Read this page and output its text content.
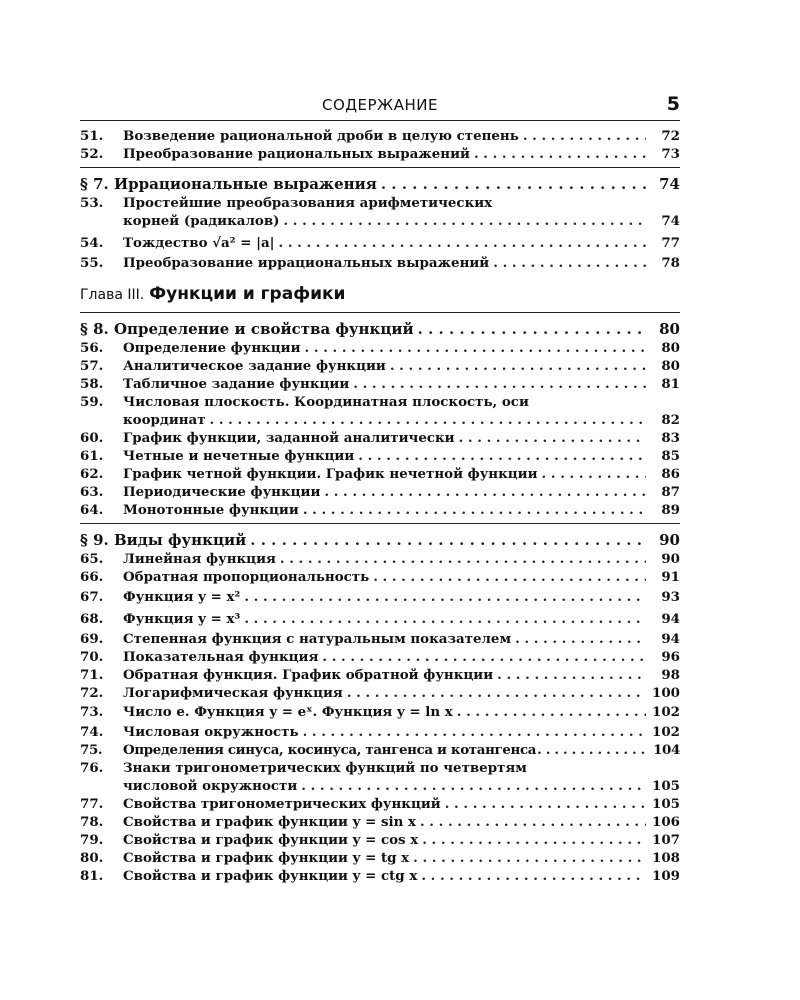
СОДЕРЖАНИЕ	5
51.	Возведение рациональной дроби в целую степень . . .	72
52.	Преобразование рациональных выражений . . .	73
§ 7. Иррациональные выражения . . .	74
53.	Простейшие преобразования арифметических
корней (радикалов) . . .	74
54.	Тождество √a² = |a| . . .	77
55.	Преобразование иррациональных выражений . . .	78
Глава III. Функции и графики
§ 8. Определение и свойства функций . . .	80
56.	Определение функции . . .	80
57.	Аналитическое задание функции . . .	80
58.	Табличное задание функции . . .	81
59.	Числовая плоскость. Координатная плоскость, оси
координат . . .	82
60.	График функции, заданной аналитически . . .	83
61.	Четные и нечетные функции . . .	85
62.	График четной функции. График нечетной функции . . .	86
63.	Периодические функции . . .	87
64.	Монотонные функции . . .	89
§ 9. Виды функций . . .	90
65.	Линейная функция . . .	90
66.	Обратная пропорциональность . . .	91
67.	Функция y = x² . . .	93
68.	Функция y = x³ . . .	94
69.	Степенная функция с натуральным показателем . . .	94
70.	Показательная функция . . .	96
71.	Обратная функция. График обратной функции . . .	98
72.	Логарифмическая функция . . .	100
73.	Число e. Функция y = eˣ. Функция y = ln x . . .	102
74.	Числовая окружность . . .	102
75.	Определения синуса, косинуса, тангенса и котангенса . . .	104
76.	Знаки тригонометрических функций по четвертям
числовой окружности . . .	105
77.	Свойства тригонометрических функций . . .	105
78.	Свойства и график функции y = sin x . . .	106
79.	Свойства и график функции y = cos x . . .	107
80.	Свойства и график функции y = tg x . . .	108
81.	Свойства и график функции y = ctg x . . .	109
